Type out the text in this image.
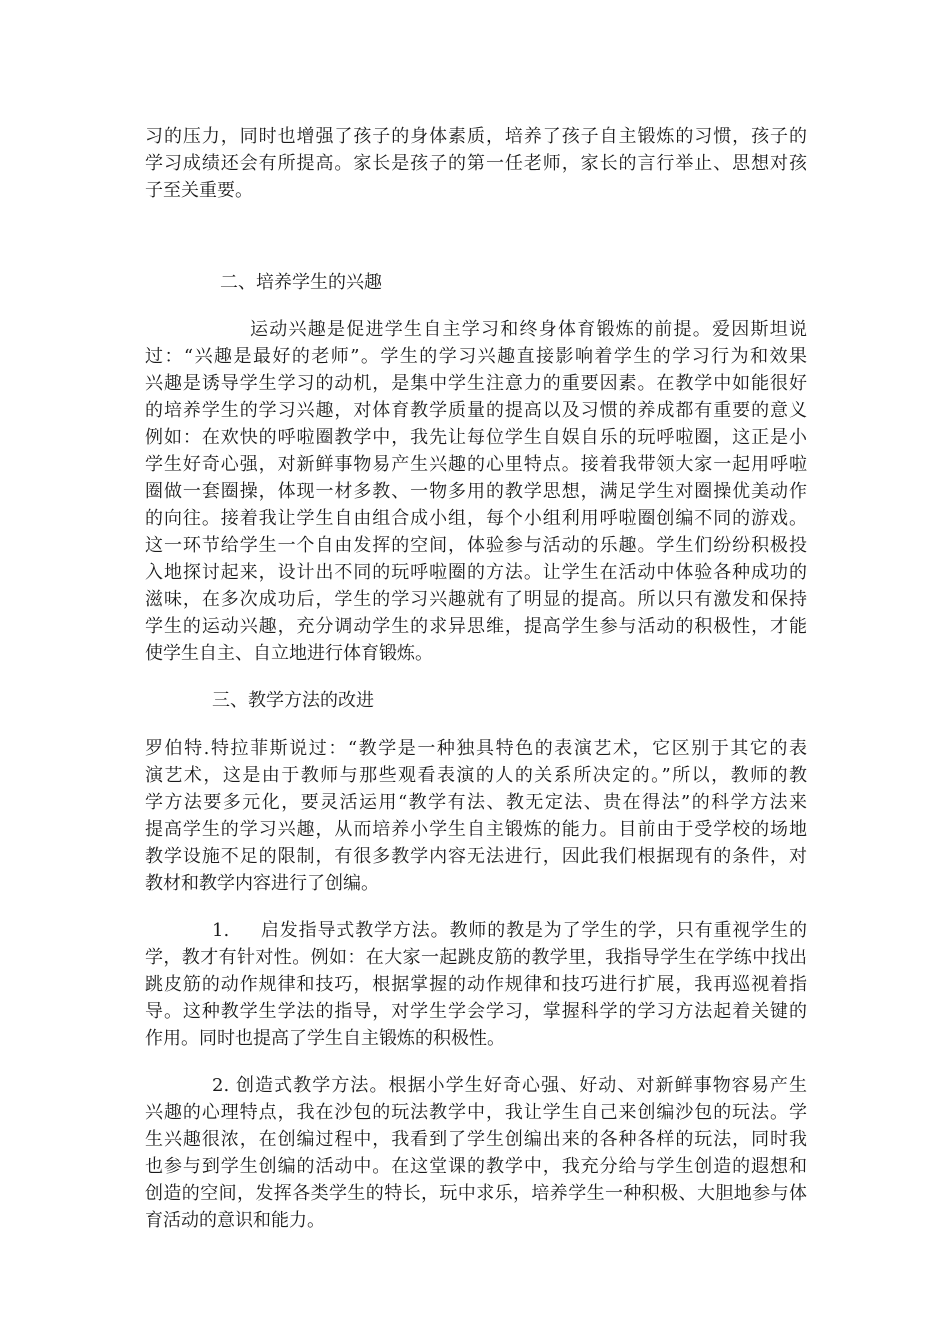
习的压力，同时也增强了孩子的身体素质，培养了孩子自主锻炼的习惯，孩子的
学习成绩还会有所提高。家长是孩子的第一任老师，家长的言行举止、思想对孩
子至关重要。
二、培养学生的兴趣
运动兴趣是促进学生自主学习和终身体育锻炼的前提。爱因斯坦说
过：“兴趣是最好的老师”。学生的学习兴趣直接影响着学生的学习行为和效果
兴趣是诱导学生学习的动机，是集中学生注意力的重要因素。在教学中如能很好
的培养学生的学习兴趣，对体育教学质量的提高以及习惯的养成都有重要的意义
例如：在欢快的呼啦圈教学中，我先让每位学生自娱自乐的玩呼啦圈，这正是小
学生好奇心强，对新鲜事物易产生兴趣的心里特点。接着我带领大家一起用呼啦
圈做一套圈操，体现一材多教、一物多用的教学思想，满足学生对圈操优美动作
的向往。接着我让学生自由组合成小组，每个小组利用呼啦圈创编不同的游戏。
这一环节给学生一个自由发挥的空间，体验参与活动的乐趣。学生们纷纷积极投
入地探讨起来，设计出不同的玩呼啦圈的方法。让学生在活动中体验各种成功的
滋味，在多次成功后，学生的学习兴趣就有了明显的提高。所以只有激发和保持
学生的运动兴趣，充分调动学生的求异思维，提高学生参与活动的积极性，才能
使学生自主、自立地进行体育锻炼。
三、教学方法的改进
罗伯特.特拉菲斯说过：“教学是一种独具特色的表演艺术，它区别于其它的表
演艺术，这是由于教师与那些观看表演的人的关系所决定的。”所以，教师的教
学方法要多元化，要灵活运用“教学有法、教无定法、贵在得法”的科学方法来
提高学生的学习兴趣，从而培养小学生自主锻炼的能力。目前由于受学校的场地
教学设施不足的限制，有很多教学内容无法进行，因此我们根据现有的条件，对
教材和教学内容进行了创编。
1. 启发指导式教学方法。教师的教是为了学生的学，只有重视学生的
学，教才有针对性。例如：在大家一起跳皮筋的教学里，我指导学生在学练中找出
跳皮筋的动作规律和技巧，根据掌握的动作规律和技巧进行扩展，我再巡视着指
导。这种教学生学法的指导，对学生学会学习，掌握科学的学习方法起着关键的
作用。同时也提高了学生自主锻炼的积极性。
2. 创造式教学方法。根据小学生好奇心强、好动、对新鲜事物容易产生
兴趣的心理特点，我在沙包的玩法教学中，我让学生自己来创编沙包的玩法。学
生兴趣很浓，在创编过程中，我看到了学生创编出来的各种各样的玩法，同时我
也参与到学生创编的活动中。在这堂课的教学中，我充分给与学生创造的遐想和
创造的空间，发挥各类学生的特长，玩中求乐，培养学生一种积极、大胆地参与体
育活动的意识和能力。
